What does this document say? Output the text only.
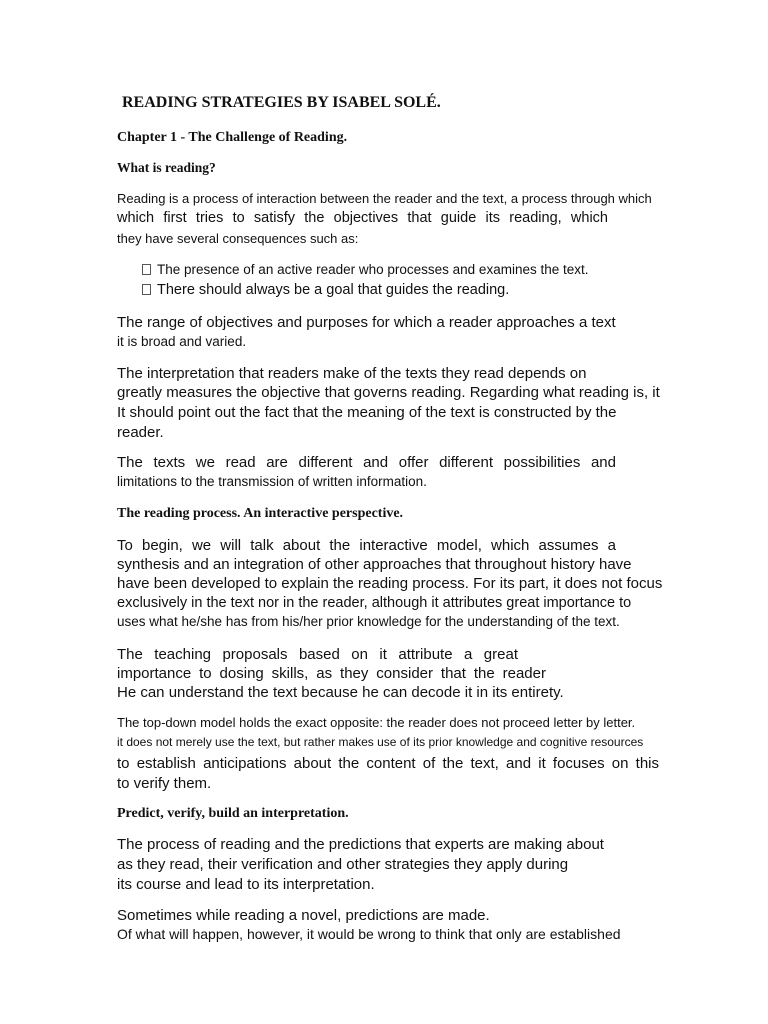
READING STRATEGIES BY ISABEL SOLÉ.
Chapter 1 - The Challenge of Reading.
What is reading?
Reading is a process of interaction between the reader and the text, a process through which
which first tries to satisfy the objectives that guide its reading, which
they have several consequences such as:
The presence of an active reader who processes and examines the text.
There should always be a goal that guides the reading.
The range of objectives and purposes for which a reader approaches a text
it is broad and varied.
The interpretation that readers make of the texts they read depends on
greatly measures the objective that governs reading. Regarding what reading is, it
It should point out the fact that the meaning of the text is constructed by the
reader.
The texts we read are different and offer different possibilities and
limitations to the transmission of written information.
The reading process. An interactive perspective.
To begin, we will talk about the interactive model, which assumes a
synthesis and an integration of other approaches that throughout history have
have been developed to explain the reading process. For its part, it does not focus
exclusively in the text nor in the reader, although it attributes great importance to
uses what he/she has from his/her prior knowledge for the understanding of the text.
The teaching proposals based on it attribute a great
importance to dosing skills, as they consider that the reader
He can understand the text because he can decode it in its entirety.
The top-down model holds the exact opposite: the reader does not proceed letter by letter.
it does not merely use the text, but rather makes use of its prior knowledge and cognitive resources
to establish anticipations about the content of the text, and it focuses on this
to verify them.
Predict, verify, build an interpretation.
The process of reading and the predictions that experts are making about
as they read, their verification and other strategies they apply during
its course and lead to its interpretation.
Sometimes while reading a novel, predictions are made.
Of what will happen, however, it would be wrong to think that only are established
